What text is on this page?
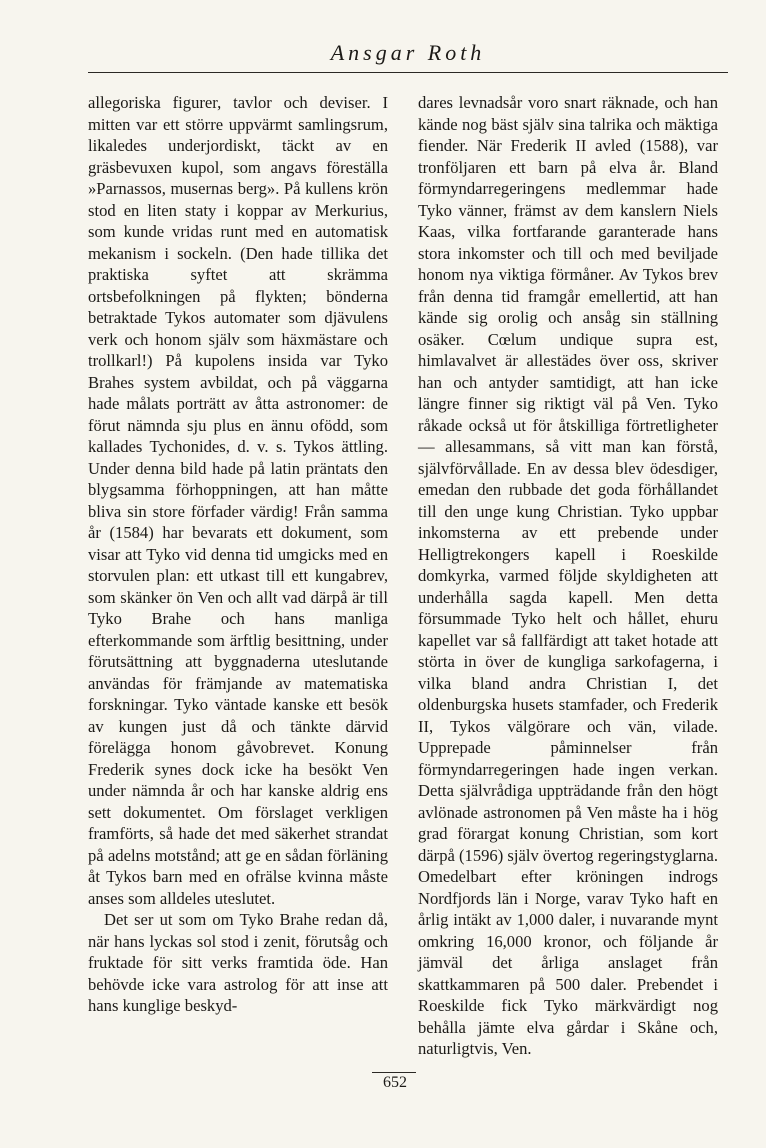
Ansgar Roth

allegoriska figurer, tavlor och deviser. I mitten var ett större uppvärmt samlingsrum, likaledes underjordiskt, täckt av en gräsbevuxen kupol, som angavs föreställa »Parnassos, musernas berg». På kullens krön stod en liten staty i koppar av Merkurius, som kunde vridas runt med en automatisk mekanism i sockeln. (Den hade tillika det praktiska syftet att skrämma ortsbefolkningen på flykten; bönderna betraktade Tykos automater som djävulens verk och honom själv som häxmästare och trollkarl!) På kupolens insida var Tyko Brahes system avbildat, och på väggarna hade målats porträtt av åtta astronomer: de förut nämnda sju plus en ännu ofödd, som kallades Tychonides, d. v. s. Tykos ättling. Under denna bild hade på latin präntats den blygsamma förhoppningen, att han måtte bliva sin store förfader värdig! Från samma år (1584) har bevarats ett dokument, som visar att Tyko vid denna tid umgicks med en storvulen plan: ett utkast till ett kungabrev, som skänker ön Ven och allt vad därpå är till Tyko Brahe och hans manliga efterkommande som ärftlig besittning, under förutsättning att byggnaderna uteslutande användas för främjande av matematiska forskningar. Tyko väntade kanske ett besök av kungen just då och tänkte därvid förelägga honom gåvobrevet. Konung Frederik synes dock icke ha besökt Ven under nämnda år och har kanske aldrig ens sett dokumentet. Om förslaget verkligen framförts, så hade det med säkerhet strandat på adelns motstånd; att ge en sådan förläning åt Tykos barn med en ofrälse kvinna måste anses som alldeles uteslutet.

Det ser ut som om Tyko Brahe redan då, när hans lyckas sol stod i zenit, förutsåg och fruktade för sitt verks framtida öde. Han behövde icke vara astrolog för att inse att hans kunglige beskyd-

dares levnadsår voro snart räknade, och han kände nog bäst själv sina talrika och mäktiga fiender. När Frederik II avled (1588), var tronföljaren ett barn på elva år. Bland förmyndarregeringens medlemmar hade Tyko vänner, främst av dem kanslern Niels Kaas, vilka fortfarande garanterade hans stora inkomster och till och med beviljade honom nya viktiga förmåner. Av Tykos brev från denna tid framgår emellertid, att han kände sig orolig och ansåg sin ställning osäker. Cœlum undique supra est, himlavalvet är allestädes över oss, skriver han och antyder samtidigt, att han icke längre finner sig riktigt väl på Ven. Tyko råkade också ut för åtskilliga förtretligheter — allesammans, så vitt man kan förstå, självförvållade. En av dessa blev ödesdiger, emedan den rubbade det goda förhållandet till den unge kung Christian. Tyko uppbar inkomsterna av ett prebende under Helligtrekongers kapell i Roeskilde domkyrka, varmed följde skyldigheten att underhålla sagda kapell. Men detta försummade Tyko helt och hållet, ehuru kapellet var så fallfärdigt att taket hotade att störta in över de kungliga sarkofagerna, i vilka bland andra Christian I, det oldenburgska husets stamfader, och Frederik II, Tykos välgörare och vän, vilade. Upprepade påminnelser från förmyndarregeringen hade ingen verkan. Detta självrådiga uppträdande från den högt avlönade astronomen på Ven måste ha i hög grad förargat konung Christian, som kort därpå (1596) själv övertog regeringstyglarna. Omedelbart efter kröningen indrogs Nordfjords län i Norge, varav Tyko haft en årlig intäkt av 1,000 daler, i nuvarande mynt omkring 16,000 kronor, och följande år jämväl det årliga anslaget från skattkammaren på 500 daler. Prebendet i Roeskilde fick Tyko märkvärdigt nog behålla jämte elva gårdar i Skåne och, naturligtvis, Ven.

652
